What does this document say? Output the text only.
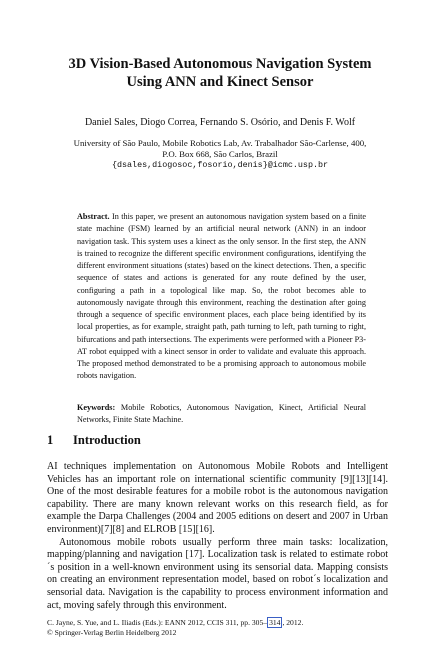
3D Vision-Based Autonomous Navigation System
Using ANN and Kinect Sensor
Daniel Sales, Diogo Correa, Fernando S. Osório, and Denis F. Wolf
University of São Paulo, Mobile Robotics Lab, Av. Trabalhador São-Carlense, 400,
P.O. Box 668, São Carlos, Brazil
{dsales,diogosoc,fosorio,denis}@icmc.usp.br
Abstract. In this paper, we present an autonomous navigation system based on a finite state machine (FSM) learned by an artificial neural network (ANN) in an indoor navigation task. This system uses a kinect as the only sensor. In the first step, the ANN is trained to recognize the different specific environment configurations, identifying the different environment situations (states) based on the kinect detections. Then, a specific sequence of states and actions is generated for any route defined by the user, configuring a path in a topological like map. So, the robot becomes able to autonomously navigate through this environment, reaching the destination after going through a sequence of specific environment places, each place being identified by its local properties, as for example, straight path, path turning to left, path turning to right, bifurcations and path intersections. The experiments were performed with a Pioneer P3-AT robot equipped with a kinect sensor in order to validate and evaluate this approach. The proposed method demonstrated to be a promising approach to autonomous mobile robots navigation.
Keywords: Mobile Robotics, Autonomous Navigation, Kinect, Artificial Neural Networks, Finite State Machine.
1 Introduction

AI techniques implementation on Autonomous Mobile Robots and Intelligent Vehicles has an important role on international scientific community [9][13][14]. One of the most desirable features for a mobile robot is the autonomous navigation capability. There are many known relevant works on this research field, as for example the Darpa Challenges (2004 and 2005 editions on desert and 2007 in Urban environment)[7][8] and ELROB [15][16].

Autonomous mobile robots usually perform three main tasks: localization, mapping/planning and navigation [17]. Localization task is related to estimate robot´s position in a well-known environment using its sensorial data. Mapping consists on creating an environment representation model, based on robot´s localization and sensorial data. Navigation is the capability to process environment information and act, moving safely through this environment.

C. Jayne, S. Yue, and L. Iliadis (Eds.): EANN 2012, CCIS 311, pp. 305– 314 , 2012.
© Springer-Verlag Berlin Heidelberg 2012
